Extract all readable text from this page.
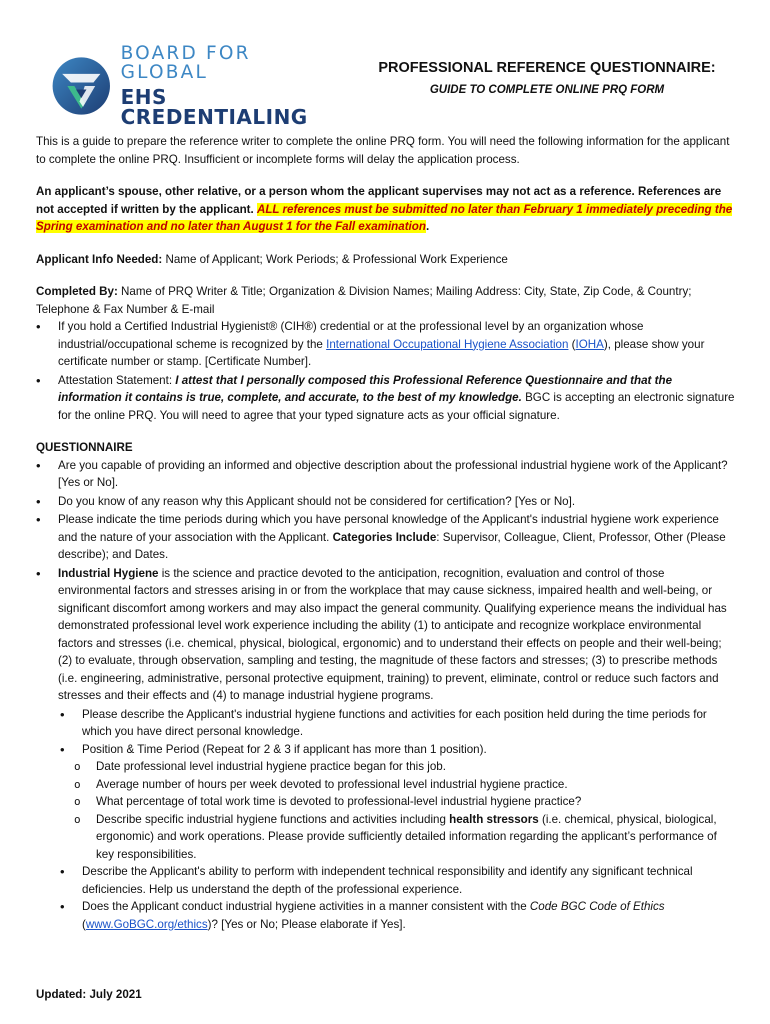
BOARD FOR GLOBAL
EHS CREDENTIALING
PROFESSIONAL REFERENCE QUESTIONNAIRE:
GUIDE TO COMPLETE ONLINE PRQ FORM

This is a guide to prepare the reference writer to complete the online PRQ form. You will need the following information for the applicant to complete the online PRQ. Insufficient or incomplete forms will delay the application process.

An applicant’s spouse, other relative, or a person whom the applicant supervises may not act as a reference. References are not accepted if written by the applicant. ALL references must be submitted no later than February 1 immediately preceding the Spring examination and no later than August 1 for the Fall examination.

Applicant Info Needed: Name of Applicant; Work Periods; & Professional Work Experience

Completed By: Name of PRQ Writer & Title; Organization & Division Names; Mailing Address: City, State, Zip Code, & Country; Telephone & Fax Number & E-mail
• If you hold a Certified Industrial Hygienist® (CIH®) credential or at the professional level by an organization whose industrial/occupational scheme is recognized by the International Occupational Hygiene Association (IOHA), please show your certificate number or stamp. [Certificate Number].
• Attestation Statement: I attest that I personally composed this Professional Reference Questionnaire and that the information it contains is true, complete, and accurate, to the best of my knowledge. BGC is accepting an electronic signature for the online PRQ. You will need to agree that your typed signature acts as your official signature.
QUESTIONNAIRE
• Are you capable of providing an informed and objective description about the professional industrial hygiene work of the Applicant? [Yes or No].
• Do you know of any reason why this Applicant should not be considered for certification? [Yes or No].
• Please indicate the time periods during which you have personal knowledge of the Applicant's industrial hygiene work experience and the nature of your association with the Applicant. Categories Include: Supervisor, Colleague, Client, Professor, Other (Please describe); and Dates.
• Industrial Hygiene is the science and practice devoted to the anticipation, recognition, evaluation and control of those environmental factors and stresses arising in or from the workplace that may cause sickness, impaired health and well-being, or significant discomfort among workers and may also impact the general community. Qualifying experience means the individual has demonstrated professional level work experience including the ability (1) to anticipate and recognize workplace environmental factors and stresses (i.e. chemical, physical, biological, ergonomic) and to understand their effects on people and their well-being; (2) to evaluate, through observation, sampling and testing, the magnitude of these factors and stresses; (3) to prescribe methods (i.e. engineering, administrative, personal protective equipment, training) to prevent, eliminate, control or reduce such factors and stresses and their effects and (4) to manage industrial hygiene programs.
• Please describe the Applicant's industrial hygiene functions and activities for each position held during the time periods for which you have direct personal knowledge.
• Position & Time Period (Repeat for 2 & 3 if applicant has more than 1 position).
o Date professional level industrial hygiene practice began for this job.
o Average number of hours per week devoted to professional level industrial hygiene practice.
o What percentage of total work time is devoted to professional-level industrial hygiene practice?
o Describe specific industrial hygiene functions and activities including health stressors (i.e. chemical, physical, biological, ergonomic) and work operations. Please provide sufficiently detailed information regarding the applicant’s performance of key responsibilities.
• Describe the Applicant's ability to perform with independent technical responsibility and identify any significant technical deficiencies. Help us understand the depth of the professional experience.
• Does the Applicant conduct industrial hygiene activities in a manner consistent with the Code BGC Code of Ethics (www.GoBGC.org/ethics)? [Yes or No; Please elaborate if Yes].
Updated: July 2021
